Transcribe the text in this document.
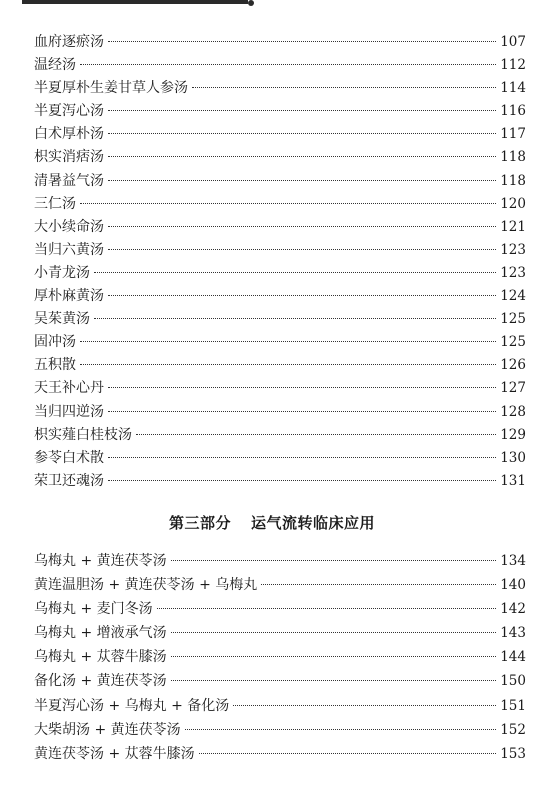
血府逐瘀汤	107
温经汤	112
半夏厚朴生姜甘草人参汤	114
半夏泻心汤	116
白术厚朴汤	117
枳实消痞汤	118
清暑益气汤	118
三仁汤	120
大小续命汤	121
当归六黄汤	123
小青龙汤	123
厚朴麻黄汤	124
吴茱黄汤	125
固冲汤	125
五积散	126
天王补心丹	127
当归四逆汤	128
枳实薤白桂枝汤	129
参苓白术散	130
荣卫还魂汤	131
第三部分 运气流转临床应用
乌梅丸 + 黄连茯苓汤	134
黄连温胆汤 + 黄连茯苓汤 + 乌梅丸	140
乌梅丸 + 麦门冬汤	142
乌梅丸 + 增液承气汤	143
乌梅丸 + 苁蓉牛膝汤	144
备化汤 + 黄连茯苓汤	150
半夏泻心汤 + 乌梅丸 + 备化汤	151
大柴胡汤 + 黄连茯苓汤	152
黄连茯苓汤 + 苁蓉牛膝汤	153
